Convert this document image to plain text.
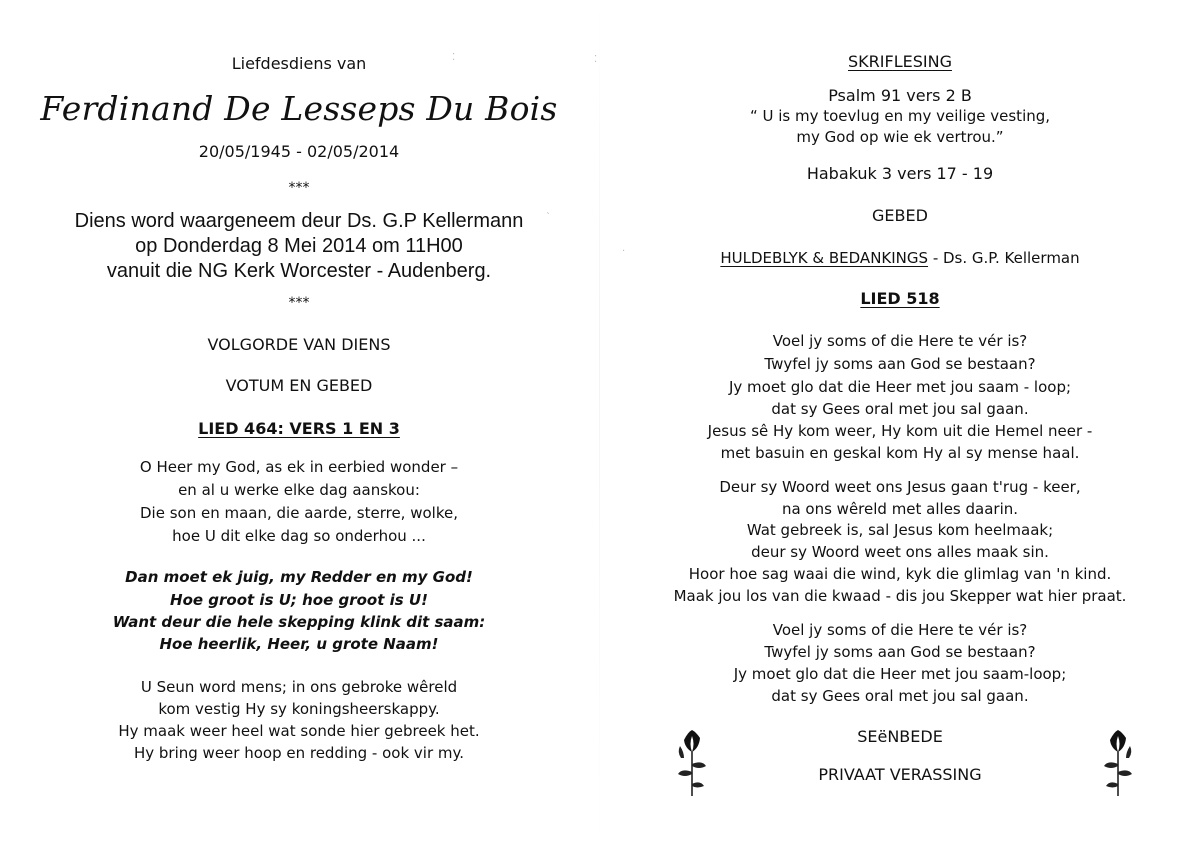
Liefdesdiens van
Ferdinand De Lesseps Du Bois
20/05/1945 - 02/05/2014
***
Diens word waargeneem deur Ds. G.P Kellermann
op Donderdag 8 Mei 2014 om 11H00
vanuit die NG Kerk Worcester - Audenberg.
***
VOLGORDE VAN DIENS
VOTUM EN GEBED
LIED 464: VERS 1 EN 3
O Heer my God, as ek in eerbied wonder –
en al u werke elke dag aanskou:
Die son en maan, die aarde, sterre, wolke,
hoe U dit elke dag so onderhou ...
Dan moet ek juig, my Redder en my God!
Hoe groot is U; hoe groot is U!
Want deur die hele skepping klink dit saam:
Hoe heerlik, Heer, u grote Naam!
U Seun word mens; in ons gebroke wêreld
kom vestig Hy sy koningsheerskappy.
Hy maak weer heel wat sonde hier gebreek het.
Hy bring weer hoop en redding - ook vir my.
⁚
ˋ
SKRIFLESING
Psalm 91 vers 2 B
“ U is my toevlug en my veilige vesting,
my God op wie ek vertrou.”
Habakuk 3 vers 17 - 19
GEBED
HULDEBLYK & BEDANKINGS - Ds. G.P. Kellerman
LIED 518
Voel jy soms of die Here te vér is?
Twyfel jy soms aan God se bestaan?
Jy moet glo dat die Heer met jou saam - loop;
dat sy Gees oral met jou sal gaan.
Jesus sê Hy kom weer, Hy kom uit die Hemel neer -
met basuin en geskal kom Hy al sy mense haal.
Deur sy Woord weet ons Jesus gaan t'rug - keer,
na ons wêreld met alles daarin.
Wat gebreek is, sal Jesus kom heelmaak;
deur sy Woord weet ons alles maak sin.
Hoor hoe sag waai die wind, kyk die glimlag van 'n kind.
Maak jou los van die kwaad - dis jou Skepper wat hier praat.
Voel jy soms of die Here te vér is?
Twyfel jy soms aan God se bestaan?
Jy moet glo dat die Heer met jou saam-loop;
dat sy Gees oral met jou sal gaan.
SEëNBEDE
PRIVAAT VERASSING
⁚
·
